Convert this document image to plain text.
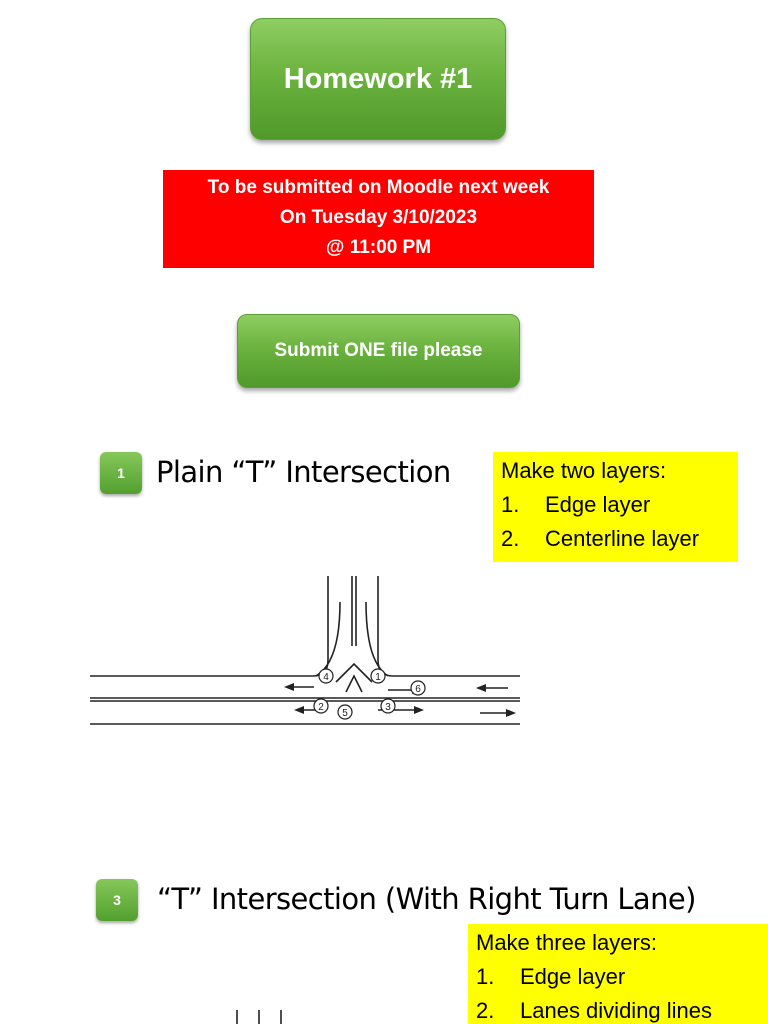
Homework #1
To be submitted on Moodle next week
On Tuesday 3/10/2023
@ 11:00 PM
Submit ONE file please
1 Plain “T” Intersection Make two layers:
1.	Edge layer
2.	Centerline layer
4	1
6
2
5
3
3 “T” Intersection (With Right Turn Lane)
Make three layers:
1.	Edge layer
2.	Lanes dividing lines
